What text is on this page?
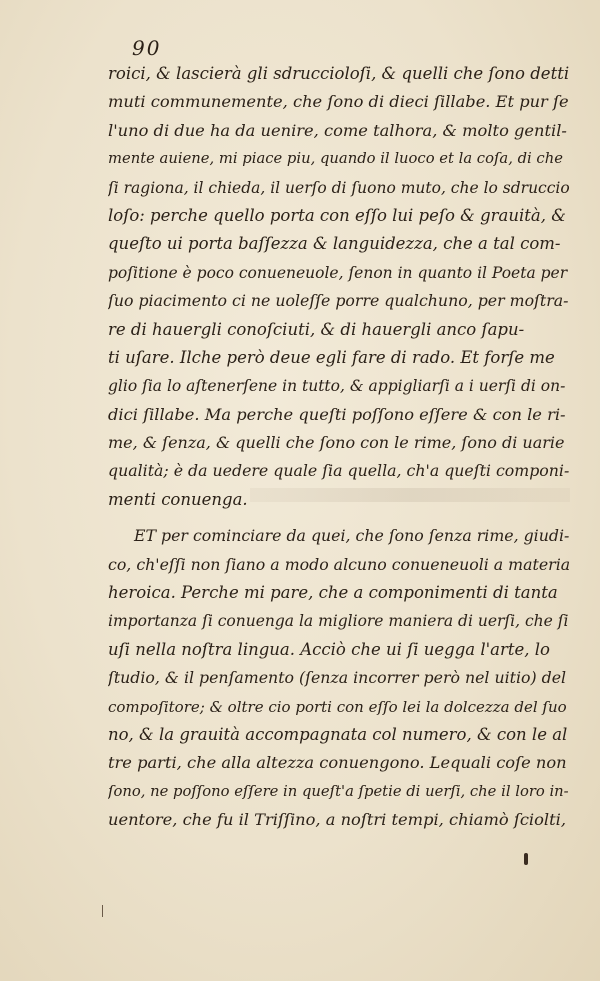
90
roici, & lascierà gli sdruccioloſi, & quelli che ſono detti
muti communemente, che ſono di dieci ſillabe. Et pur ſe
l'uno di due ha da uenire, come talhora, & molto gentil-
mente auiene, mi piace piu, quando il luoco et la coſa, di che
ſi ragiona, il chieda, il uerſo di ſuono muto, che lo sdruccio
loſo: perche quello porta con eſſo lui peſo & grauità, &
queſto ui porta baſſezza & languidezza, che a tal com-
poſitione è poco conueneuole, ſenon in quanto il Poeta per
ſuo piacimento ci ne uoleſſe porre qualchuno, per moſtra-
re di hauergli conoſciuti, & di hauergli anco ſapu-
ti uſare. Ilche però deue egli fare di rado. Et forſe me
glio ſia lo aſtenerſene in tutto, & appigliarſi a i uerſi di on-
dici ſillabe. Ma perche queſti poſſono eſſere & con le ri-
me, & ſenza, & quelli che ſono con le rime, ſono di uarie
qualità; è da uedere quale ſia quella, ch'a queſti componi-
menti conuenga.
ET per cominciare da quei, che ſono ſenza rime, giudi-
co, ch'eſſi non ſiano a modo alcuno conueneuoli a materia
heroica. Perche mi pare, che a componimenti di tanta
importanza ſi conuenga la migliore maniera di uerſi, che ſi
uſi nella noſtra lingua. Acciò che ui ſi uegga l'arte, lo
ſtudio, & il penſamento (ſenza incorrer però nel uitio) del
compoſitore; & oltre cio porti con eſſo lei la dolcezza del ſuo
no, & la grauità accompagnata col numero, & con le al
tre parti, che alla altezza conuengono. Lequali coſe non
ſono, ne poſſono eſſere in queſt'a ſpetie di uerſi, che il loro in-
uentore, che fu il Triſſino, a noſtri tempi, chiamò ſciolti,
